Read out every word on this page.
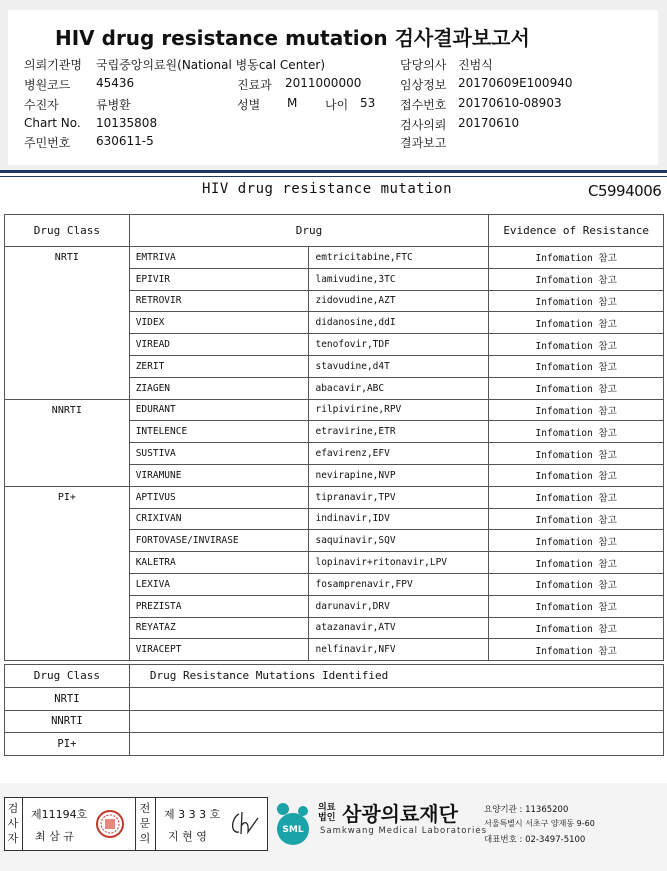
HIV drug resistance mutation 검사결과보고서
의뢰기관명 국립중앙의료원(National 병동cal Center)	담당의사 진범식
병원코드 45436	진료과 2011000000	임상정보 20170609E100940
수진자	류병환	성별 M 나이 53 접수번호 20170610-08903
Chart No. 10135808	검사의뢰 20170610
주민번호 630611-5	결과보고
HIV drug resistance mutation	C5994006
Drug Class	Drug		Evidence of Resistance
NRTI	EMTRIVA	emtricitabine,FTC	Infomation 참고
	EPIVIR	lamivudine,3TC	Infomation 참고
	RETROVIR	zidovudine,AZT	Infomation 참고
	VIDEX	didanosine,ddI	Infomation 참고
	VIREAD	tenofovir,TDF	Infomation 참고
	ZERIT	stavudine,d4T	Infomation 참고
	ZIAGEN	abacavir,ABC	Infomation 참고
NNRTI	EDURANT	rilpivirine,RPV	Infomation 참고
	INTELENCE	etravirine,ETR	Infomation 참고
	SUSTIVA	efavirenz,EFV	Infomation 참고
	VIRAMUNE	nevirapine,NVP	Infomation 참고
PI+	APTIVUS	tipranavir,TPV	Infomation 참고
	CRIXIVAN	indinavir,IDV	Infomation 참고
	FORTOVASE/INVIRASE	saquinavir,SQV	Infomation 참고
	KALETRA	lopinavir+ritonavir,LPV	Infomation 참고
	LEXIVA	fosamprenavir,FPV	Infomation 참고
	PREZISTA	darunavir,DRV	Infomation 참고
	REYATAZ	atazanavir,ATV	Infomation 참고
	VIRACEPT	nelfinavir,NFV	Infomation 참고
Drug Class	Drug Resistance Mutations Identified
NRTI	
NNRTI	
PI+	
검사자
제11194호
최 삼 규
전문의
제 3 3 3 호
지 현 영	SML
의료법인 삼광의료재단
Samkwang Medical Laboratories
요양기관 : 11365200
서울특별시 서초구 양재동 9-60
대표번호 : 02-3497-5100
